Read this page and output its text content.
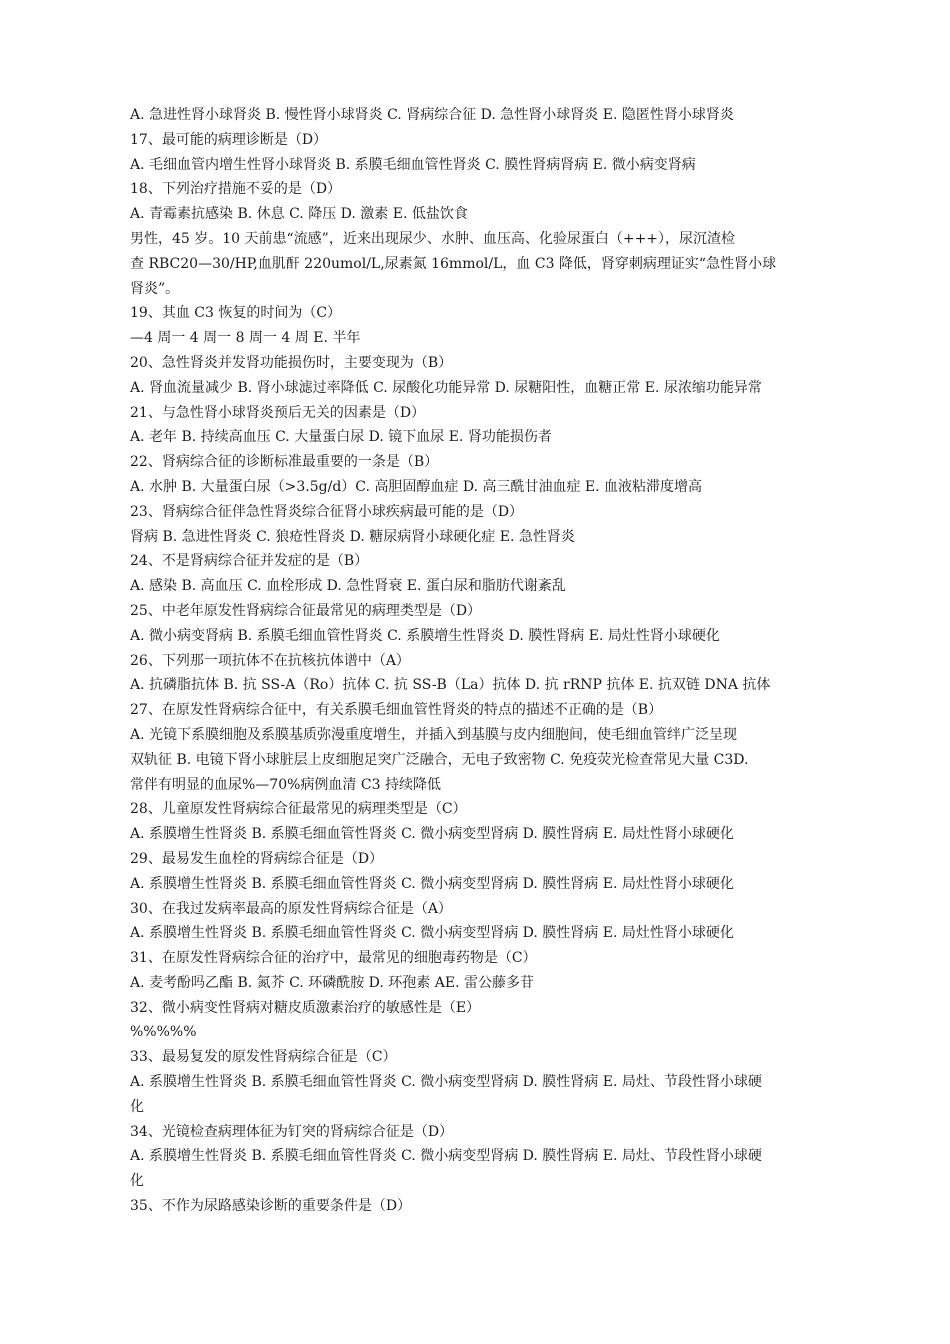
A. 急进性肾小球肾炎 B. 慢性肾小球肾炎 C. 肾病综合征 D. 急性肾小球肾炎 E. 隐匿性肾小球肾炎
17、最可能的病理诊断是（D）
A. 毛细血管内增生性肾小球肾炎 B. 系膜毛细血管性肾炎 C. 膜性肾病肾病 E. 微小病变肾病
18、下列治疗措施不妥的是（D）
A. 青霉素抗感染 B. 休息 C. 降压 D. 激素 E. 低盐饮食
男性，45 岁。10 天前患“流感”，近来出现尿少、水肿、血压高、化验尿蛋白（+++），尿沉渣检
查 RBC20—30/HP,血肌酐 220umol/L,尿素氮 16mmol/L，血 C3 降低，肾穿刺病理证实“急性肾小球
肾炎”。
19、其血 C3 恢复的时间为（C）
—4 周一 4 周一 8 周一 4 周 E. 半年
20、急性肾炎并发肾功能损伤时，主要变现为（B）
A. 肾血流量减少 B. 肾小球滤过率降低 C. 尿酸化功能异常 D. 尿糖阳性，血糖正常 E. 尿浓缩功能异常
21、与急性肾小球肾炎预后无关的因素是（D）
A. 老年 B. 持续高血压 C. 大量蛋白尿 D. 镜下血尿 E. 肾功能损伤者
22、肾病综合征的诊断标准最重要的一条是（B）
A. 水肿 B. 大量蛋白尿（>3.5g/d）C. 高胆固醇血症 D. 高三酰甘油血症 E. 血液粘滞度增高
23、肾病综合征伴急性肾炎综合征肾小球疾病最可能的是（D）
肾病 B. 急进性肾炎 C. 狼疮性肾炎 D. 糖尿病肾小球硬化症 E. 急性肾炎
24、不是肾病综合征并发症的是（B）
A. 感染 B. 高血压 C. 血栓形成 D. 急性肾衰 E. 蛋白尿和脂肪代谢紊乱
25、中老年原发性肾病综合征最常见的病理类型是（D）
A. 微小病变肾病 B. 系膜毛细血管性肾炎 C. 系膜增生性肾炎 D. 膜性肾病 E. 局灶性肾小球硬化
26、下列那一项抗体不在抗核抗体谱中（A）
A. 抗磷脂抗体 B. 抗 SS-A（Ro）抗体 C. 抗 SS-B（La）抗体 D. 抗 rRNP 抗体 E. 抗双链 DNA 抗体
27、在原发性肾病综合征中，有关系膜毛细血管性肾炎的特点的描述不正确的是（B）
A. 光镜下系膜细胞及系膜基质弥漫重度增生，并插入到基膜与皮内细胞间，使毛细血管绊广泛呈现
双轨征 B. 电镜下肾小球脏层上皮细胞足突广泛融合，无电子致密物 C. 免疫荧光检查常见大量 C3D.
常伴有明显的血尿%—70%病例血清 C3 持续降低
28、儿童原发性肾病综合征最常见的病理类型是（C）
A. 系膜增生性肾炎 B. 系膜毛细血管性肾炎 C. 微小病变型肾病 D. 膜性肾病 E. 局灶性肾小球硬化
29、最易发生血栓的肾病综合征是（D）
A. 系膜增生性肾炎 B. 系膜毛细血管性肾炎 C. 微小病变型肾病 D. 膜性肾病 E. 局灶性肾小球硬化
30、在我过发病率最高的原发性肾病综合征是（A）
A. 系膜增生性肾炎 B. 系膜毛细血管性肾炎 C. 微小病变型肾病 D. 膜性肾病 E. 局灶性肾小球硬化
31、在原发性肾病综合征的治疗中，最常见的细胞毒药物是（C）
A. 麦考酚吗乙酯 B. 氮芥 C. 环磷酰胺 D. 环孢素 AE. 雷公藤多苷
32、微小病变性肾病对糖皮质激素治疗的敏感性是（E）
%%%%%
33、最易复发的原发性肾病综合征是（C）
A. 系膜增生性肾炎 B. 系膜毛细血管性肾炎 C. 微小病变型肾病 D. 膜性肾病 E. 局灶、节段性肾小球硬
化
34、光镜检查病理体征为钉突的肾病综合征是（D）
A. 系膜增生性肾炎 B. 系膜毛细血管性肾炎 C. 微小病变型肾病 D. 膜性肾病 E. 局灶、节段性肾小球硬
化
35、不作为尿路感染诊断的重要条件是（D）
